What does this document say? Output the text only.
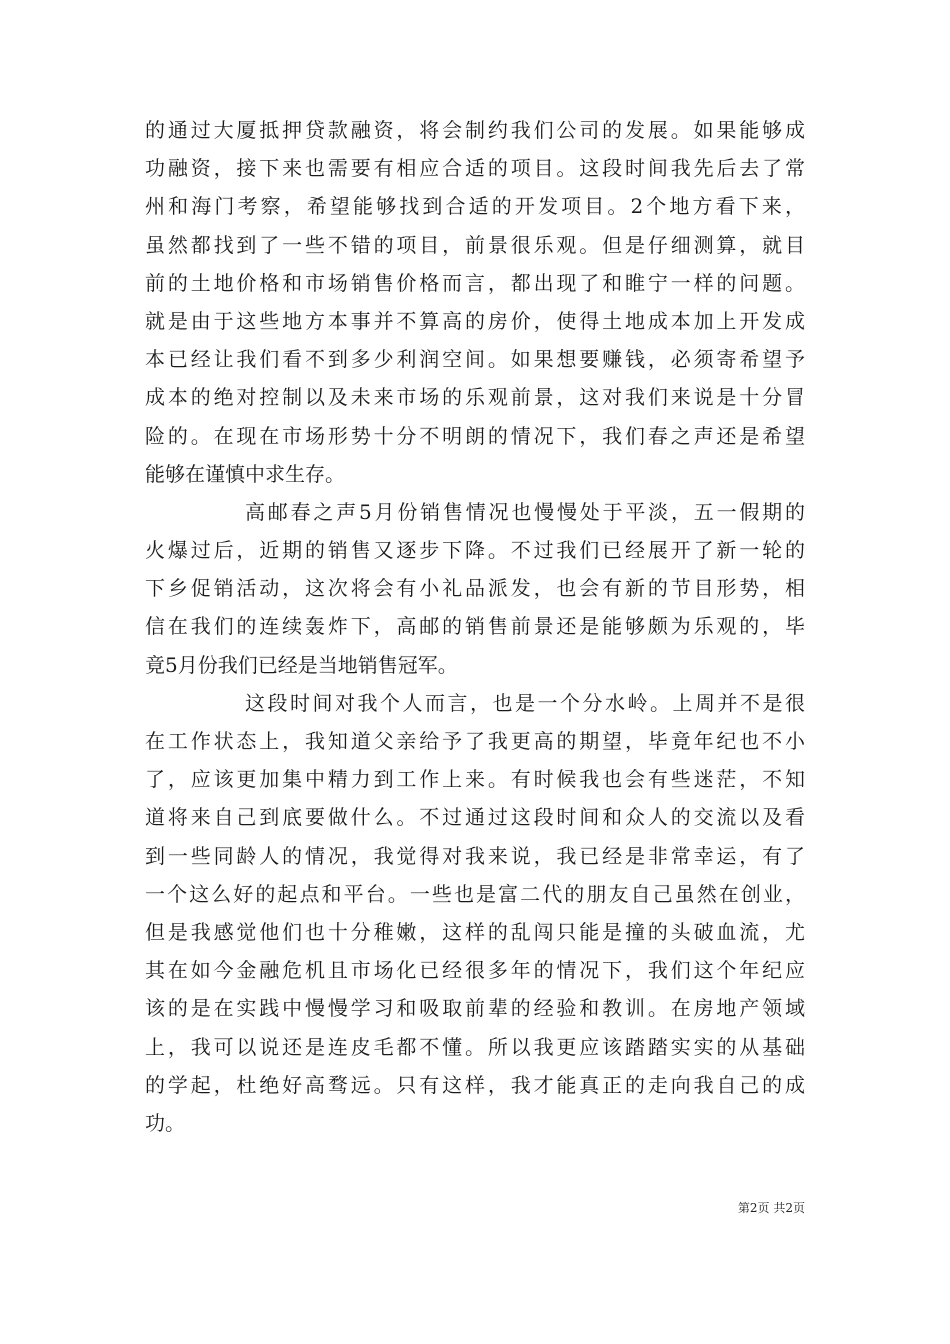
的通过大厦抵押贷款融资，将会制约我们公司的发展。如果能够成
功融资，接下来也需要有相应合适的项目。这段时间我先后去了常
州和海门考察，希望能够找到合适的开发项目。2个地方看下来，
虽然都找到了一些不错的项目，前景很乐观。但是仔细测算，就目
前的土地价格和市场销售价格而言，都出现了和睢宁一样的问题。
就是由于这些地方本事并不算高的房价，使得土地成本加上开发成
本已经让我们看不到多少利润空间。如果想要赚钱，必须寄希望予
成本的绝对控制以及未来市场的乐观前景，这对我们来说是十分冒
险的。在现在市场形势十分不明朗的情况下，我们春之声还是希望
能够在谨慎中求生存。
高邮春之声5月份销售情况也慢慢处于平淡，五一假期的
火爆过后，近期的销售又逐步下降。不过我们已经展开了新一轮的
下乡促销活动，这次将会有小礼品派发，也会有新的节目形势，相
信在我们的连续轰炸下，高邮的销售前景还是能够颇为乐观的，毕
竟5月份我们已经是当地销售冠军。
这段时间对我个人而言，也是一个分水岭。上周并不是很
在工作状态上，我知道父亲给予了我更高的期望，毕竟年纪也不小
了，应该更加集中精力到工作上来。有时候我也会有些迷茫，不知
道将来自己到底要做什么。不过通过这段时间和众人的交流以及看
到一些同龄人的情况，我觉得对我来说，我已经是非常幸运，有了
一个这么好的起点和平台。一些也是富二代的朋友自己虽然在创业，
但是我感觉他们也十分稚嫩，这样的乱闯只能是撞的头破血流，尤
其在如今金融危机且市场化已经很多年的情况下，我们这个年纪应
该的是在实践中慢慢学习和吸取前辈的经验和教训。在房地产领域
上，我可以说还是连皮毛都不懂。所以我更应该踏踏实实的从基础
的学起，杜绝好高骛远。只有这样，我才能真正的走向我自己的成
功。
第2页 共2页
